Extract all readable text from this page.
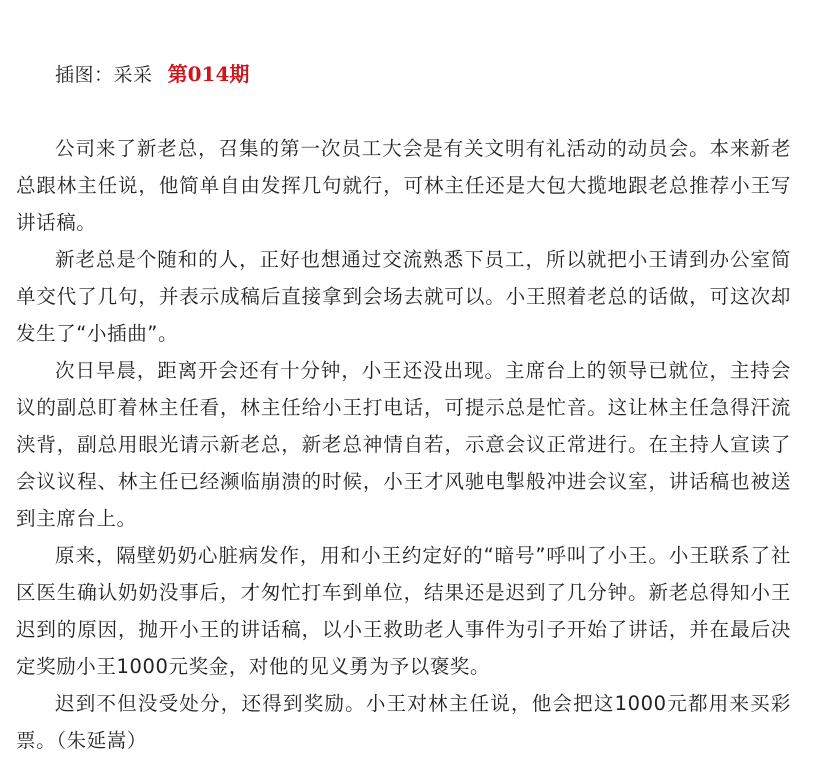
插图：采采 第014期

公司来了新老总，召集的第一次员工大会是有关文明有礼活动的动员会。本来新老总跟林主任说，他简单自由发挥几句就行，可林主任还是大包大揽地跟老总推荐小王写讲话稿。

新老总是个随和的人，正好也想通过交流熟悉下员工，所以就把小王请到办公室简单交代了几句，并表示成稿后直接拿到会场去就可以。小王照着老总的话做，可这次却发生了“小插曲”。

次日早晨，距离开会还有十分钟，小王还没出现。主席台上的领导已就位，主持会议的副总盯着林主任看，林主任给小王打电话，可提示总是忙音。这让林主任急得汗流浃背，副总用眼光请示新老总，新老总神情自若，示意会议正常进行。在主持人宣读了会议议程、林主任已经濒临崩溃的时候，小王才风驰电掣般冲进会议室，讲话稿也被送到主席台上。

原来，隔壁奶奶心脏病发作，用和小王约定好的“暗号”呼叫了小王。小王联系了社区医生确认奶奶没事后，才匆忙打车到单位，结果还是迟到了几分钟。新老总得知小王迟到的原因，抛开小王的讲话稿，以小王救助老人事件为引子开始了讲话，并在最后决定奖励小王1000元奖金，对他的见义勇为予以褒奖。

迟到不但没受处分，还得到奖励。小王对林主任说，他会把这1000元都用来买彩票。（朱延嵩）
